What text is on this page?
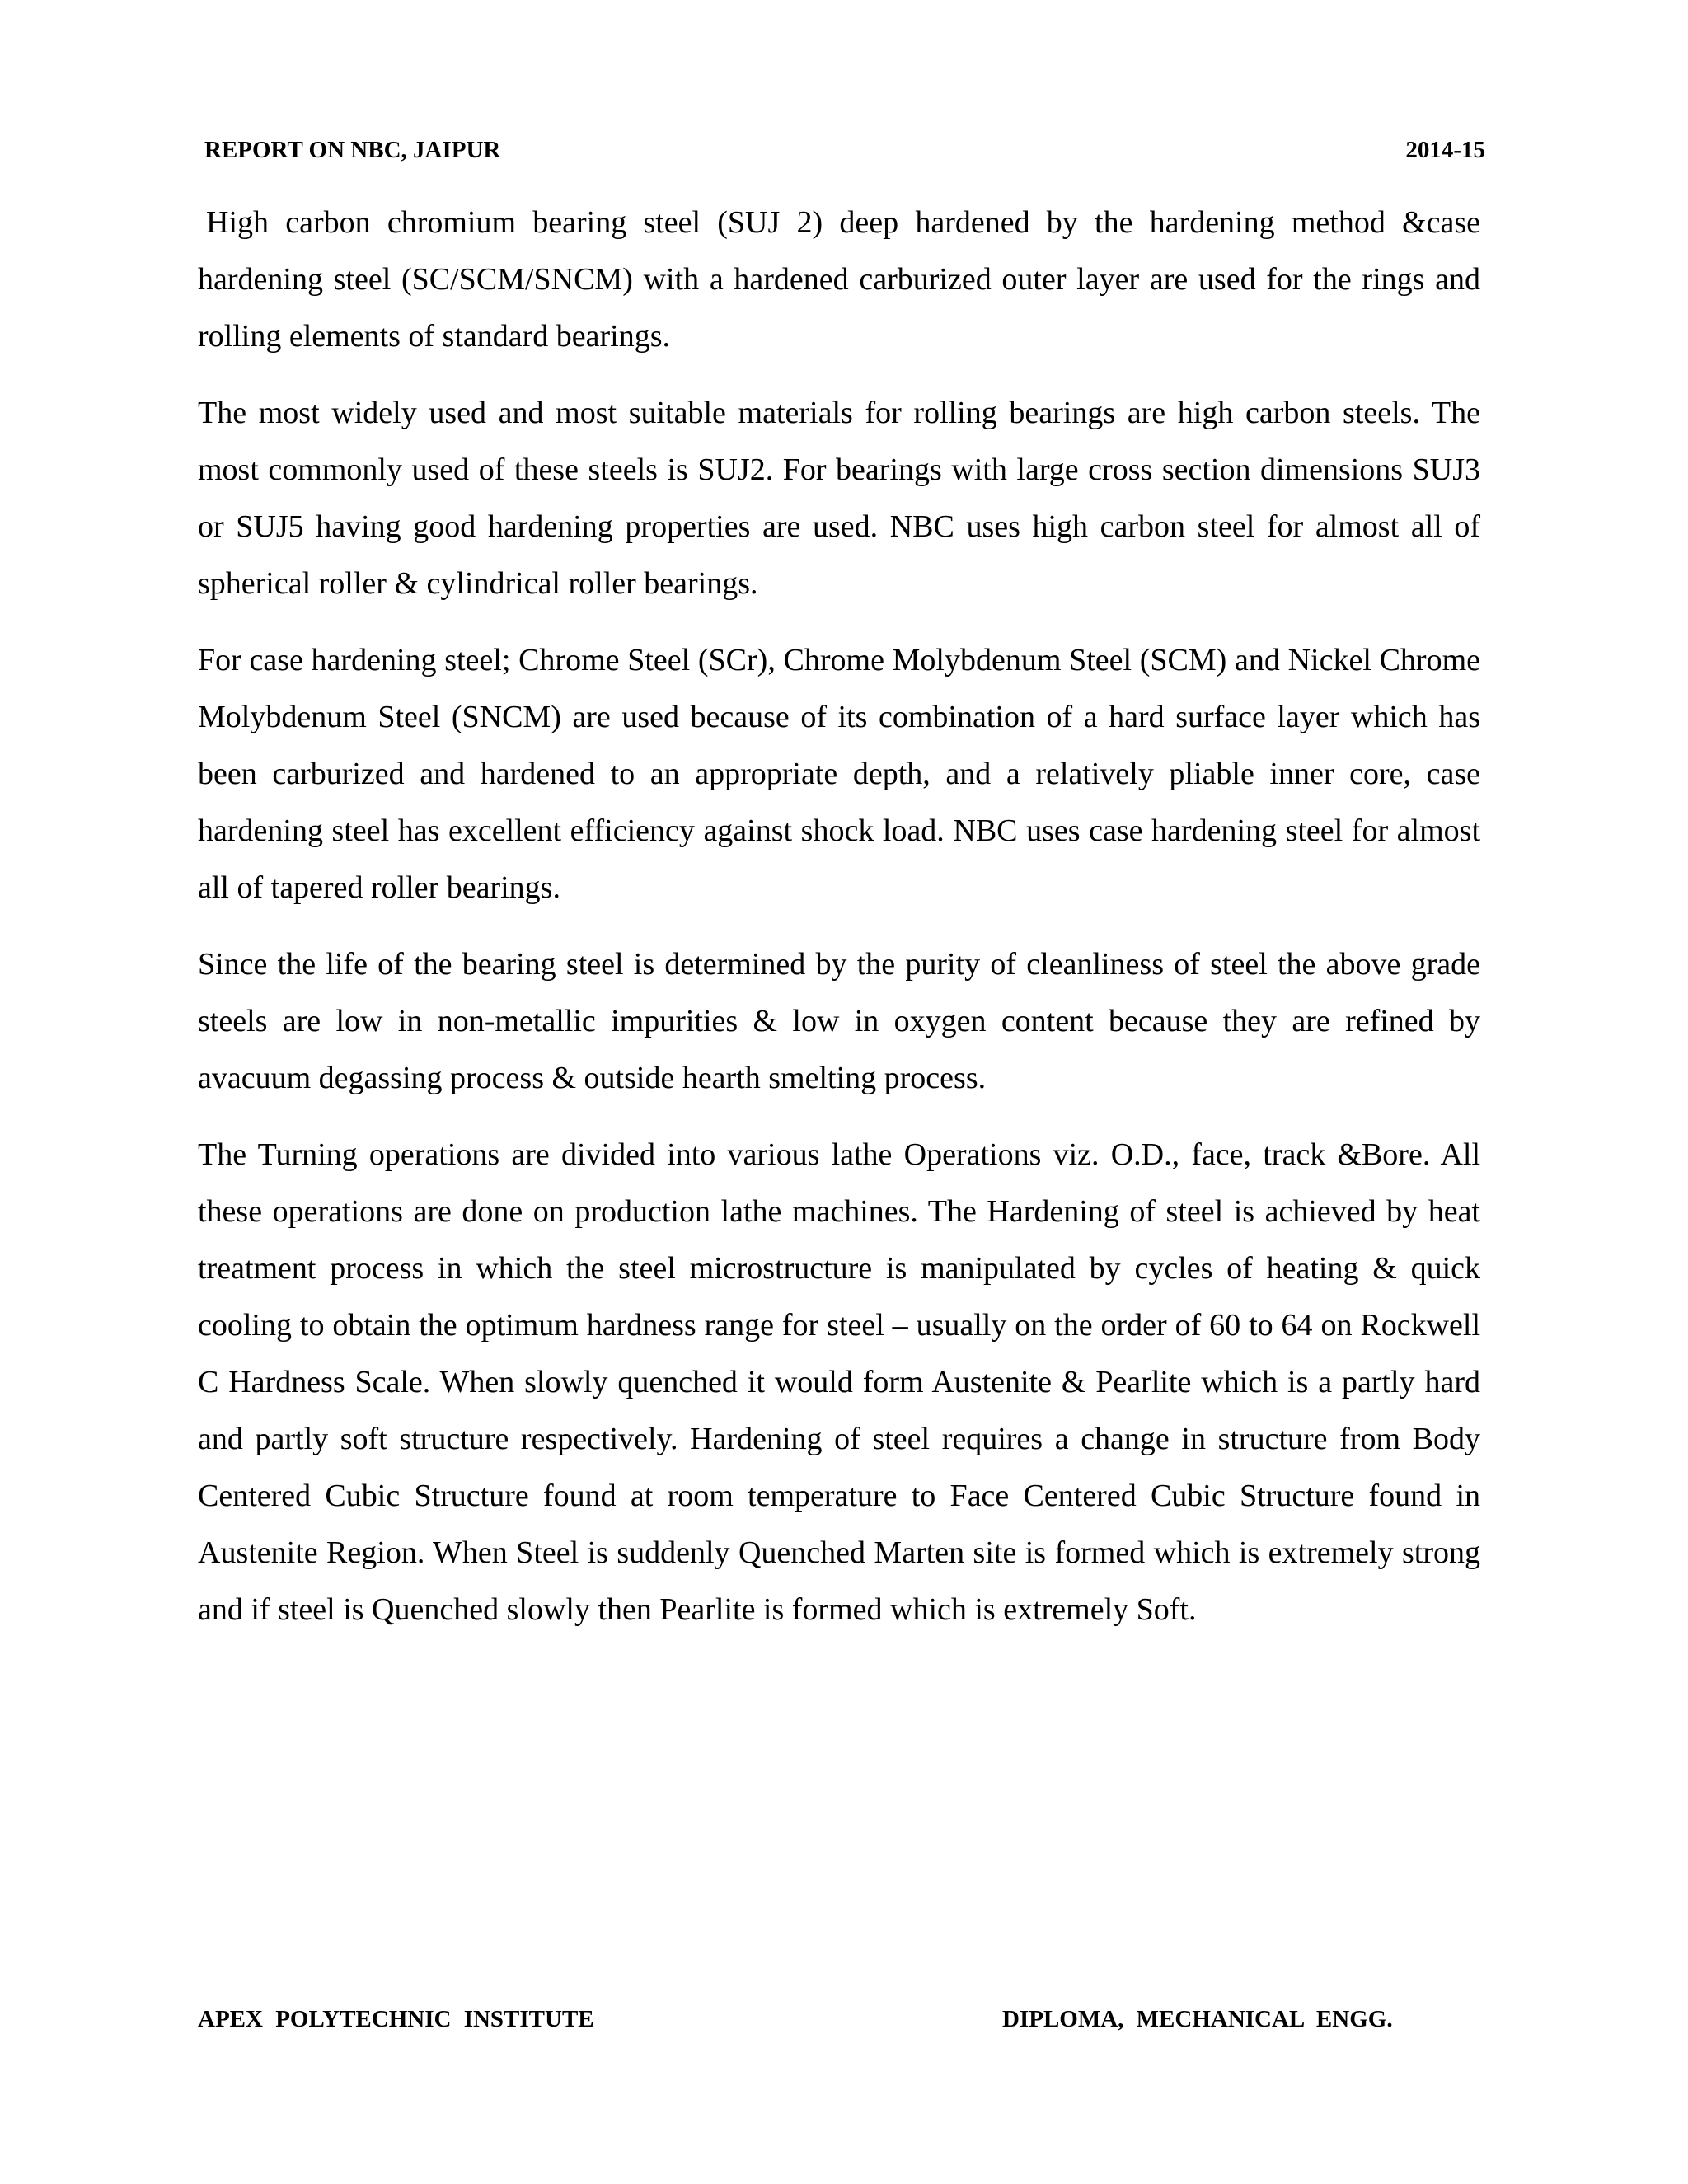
REPORT ON NBC, JAIPUR	2014-15

High carbon chromium bearing steel (SUJ 2) deep hardened by the hardening method &case hardening steel (SC/SCM/SNCM) with a hardened carburized outer layer are used for the rings and rolling elements of standard bearings.

The most widely used and most suitable materials for rolling bearings are high carbon steels. The most commonly used of these steels is SUJ2. For bearings with large cross section dimensions SUJ3 or SUJ5 having good hardening properties are used. NBC uses high carbon steel for almost all of spherical roller & cylindrical roller bearings.

For case hardening steel; Chrome Steel (SCr), Chrome Molybdenum Steel (SCM) and Nickel Chrome Molybdenum Steel (SNCM) are used because of its combination of a hard surface layer which has been carburized and hardened to an appropriate depth, and a relatively pliable inner core, case hardening steel has excellent efficiency against shock load. NBC uses case hardening steel for almost all of tapered roller bearings.

Since the life of the bearing steel is determined by the purity of cleanliness of steel the above grade steels are low in non-metallic impurities & low in oxygen content because they are refined by avacuum degassing process & outside hearth smelting process.

The Turning operations are divided into various lathe Operations viz. O.D., face, track &Bore. All these operations are done on production lathe machines. The Hardening of steel is achieved by heat treatment process in which the steel microstructure is manipulated by cycles of heating & quick cooling to obtain the optimum hardness range for steel – usually on the order of 60 to 64 on Rockwell C Hardness Scale. When slowly quenched it would form Austenite & Pearlite which is a partly hard and partly soft structure respectively. Hardening of steel requires a change in structure from Body Centered Cubic Structure found at room temperature to Face Centered Cubic Structure found in Austenite Region. When Steel is suddenly Quenched Marten site is formed which is extremely strong and if steel is Quenched slowly then Pearlite is formed which is extremely Soft.

APEX POLYTECHNIC INSTITUTE	DIPLOMA, MECHANICAL ENGG.
